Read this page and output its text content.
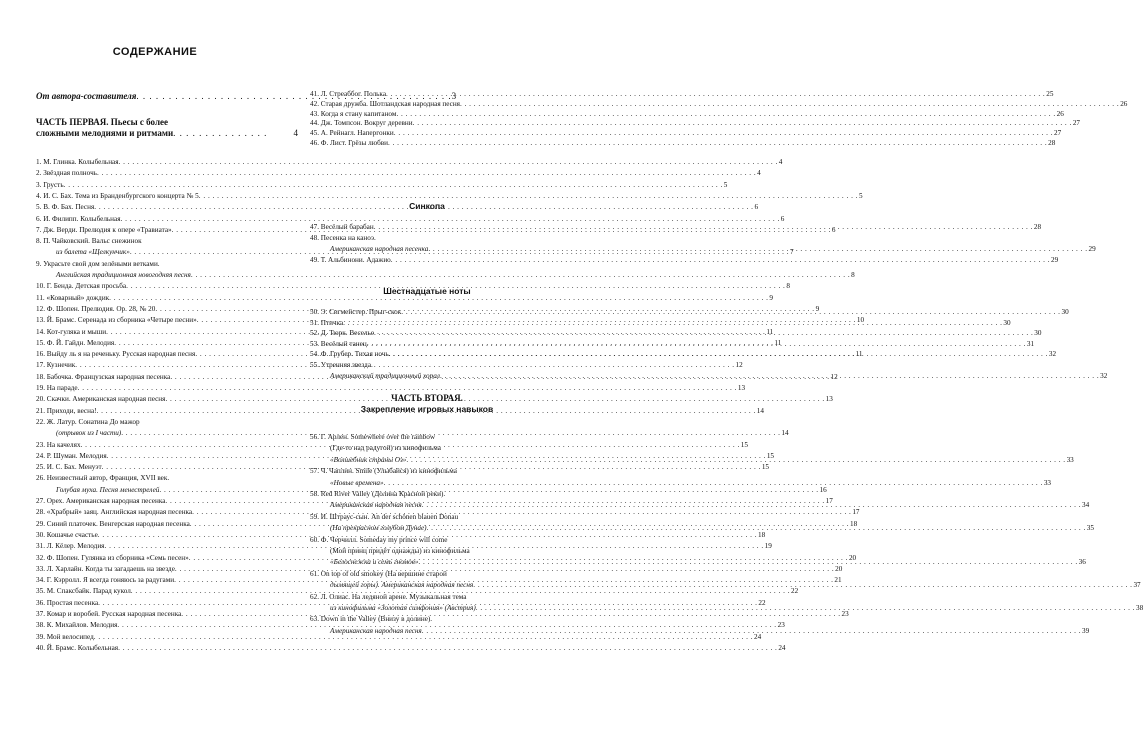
СОДЕРЖАНИЕ
От автора-составителя . . .	3
ЧАСТЬ ПЕРВАЯ. Пьесы с более
сложными мелодиями и ритмами . . .	4
1. М. Глинка. Колыбельная . . .	4
2. Звёздная полночь . . .	4
3. Грусть . . .	5
4. И. С. Бах. Тема из Бранденбургского концерта № 5 . . .	5
5. В. Ф. Бах. Песня . . .	6
6. И. Филипп. Колыбельная . . .	6
7. Дж. Верди. Прелюдия к опере «Травиата» . . .	6
8. П. Чайковский. Вальс снежинок
из балета «Щелкунчик» . . .	7
9. Украсьте свой дом зелёными ветками.
Английская традиционная новогодняя песня . . .	8
10. Г. Бенда. Детская просьба . . .	8
11. «Коварный» дождик . . .	9
12. Ф. Шопен. Прелюдия. Ор. 28, № 20 . . .	9
13. Й. Брамс. Серенада из сборника «Четыре песни» . . .	10
14. Кот-гуляка и мыши . . .	11
15. Ф. Й. Гайдн. Мелодия . . .	11
16. Выйду ль я на реченьку. Русская народная песня . . .	11
17. Кузнечик . . .	12
18. Бабочка. Французская народная песенка . . .	12
19. На параде . . .	13
20. Скачки. Американская народная песня . . .	13
21. Приходи, весна! . . .	14
22. Ж. Латур. Сонатина До мажор
(отрывок из I части) . . .	14
23. На качелях . . .	15
24. Р. Шуман. Мелодия . . .	15
25. И. С. Бах. Менуэт . . .	15
26. Неизвестный автор, Франция, XVII век.
Голубая муха. Песня менестрелей . . .	16
27. Орех. Американская народная песенка . . .	17
28. «Храбрый» заяц. Английская народная песенка . . .	17
29. Синий платочек. Венгерская народная песенка . . .	18
30. Кошачье счастье . . .	18
31. Л. Кёлер. Мелодия . . .	19
32. Ф. Шопен. Гулянка из сборника «Семь песен» . . .	20
33. Л. Харлайн. Когда ты загадаешь на звезде . . .	20
34. Г. Кэрролл. Я всегда гоняюсь за радугами . . .	21
35. М. Спаксбайк. Парад кукол . . .	22
36. Простая песенка . . .	22
37. Комар и воробей. Русская народная песенка . . .	23
38. К. Михайлов. Мелодия . . .	23
39. Мой велосипед . . .	24
40. Й. Брамс. Колыбельная . . .	24
41. Л. Стреаббог. Полька . . .	25
42. Старая дружба. Шотландская народная песня . . .	26
43. Когда я стану капитаном . . .	26
44. Дж. Томпсон. Вокруг деревни . . .	27
45. А. Рейнагл. Напергонки . . .	27
46. Ф. Лист. Грёзы любви . . .	28
Синкопа
47. Весёлый барабан . . .	28
48. Песенка на каноэ.
Американская народная песенка . . .	29
49. Т. Альбинони. Адажио . . .	29
Шестнадцатые ноты
50. Э. Сигмейстер. Прыг-скок . . .	30
51. Птичка . . .	30
52. Д. Тюрк. Веселье . . .	30
53. Весёлый танец . . .	31
54. Ф. Грубер. Тихая ночь . . .	32
55. Утренняя звезда.
Американский традиционный хорал . . .	32
ЧАСТЬ ВТОРАЯ.
Закрепление игровых навыков
56. Г. Арлен. Somewhere over the rainbow
(Где-то над радугой) из кинофильма
«Волшебник страны Оз» . . .	33
57. Ч. Чаплин. Smile (Улыбайся) из кинофильма
«Новые времена» . . .	33
58. Red River Valley (Долина Красной реки).
Американская народная песня . . .	34
59. И. Штраус-сын. An der schönen blauen Donau
(На прекрасном голубом Дунае) . . .	35
60. Ф. Черчилл. Someday my prince will come
(Мой принц придёт однажды) из кинофильма
«Белоснежка и семь гномов» . . .	36
61. On top of old smokey (На вершине старой
дымящей горы). Американская народная песня . . .	37
62. Л. Олиас. На ледяной арене. Музыкальная тема
из кинофильма «Золотая симфония» (Австрия) . . .	38
63. Down in the Valley (Внизу в долине).
Американская народная песня . . .	39
